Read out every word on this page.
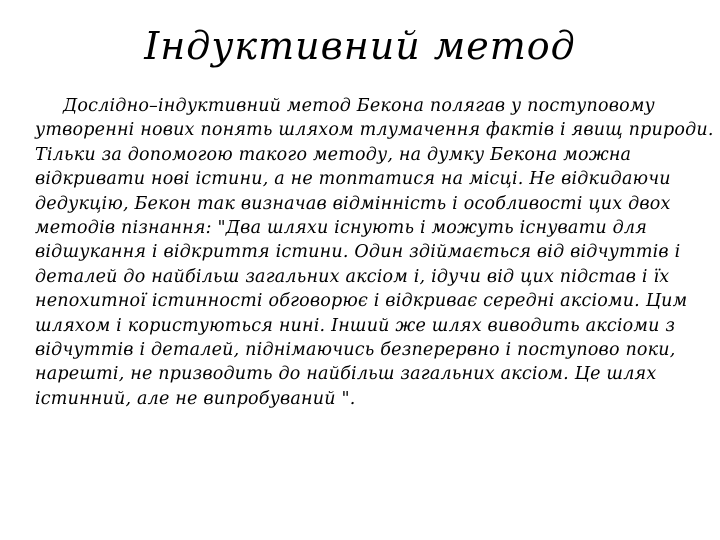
Індуктивний метод

Дослідно–індуктивний метод Бекона полягав у поступовому утворенні нових понять шляхом тлумачення фактів і явищ природи. Тільки за допомогою такого методу, на думку Бекона можна відкривати нові істини, а не топтатися на місці. Не відкидаючи дедукцію, Бекон так визначав відмінність і особливості цих двох методів пізнання: "Два шляхи існують і можуть існувати для відшукання і відкриття істини. Один здіймається від відчуттів і деталей до найбільш загальних аксіом і, ідучи від цих підстав і їх непохитної істинності обговорює і відкриває середні аксіоми. Цим шляхом і користуються нині. Інший же шлях виводить аксіоми з відчуттів і деталей, піднімаючись безперервно і поступово поки, нарешті, не призводить до найбільш загальних аксіом. Це шлях істинний, але не випробуваний ".
